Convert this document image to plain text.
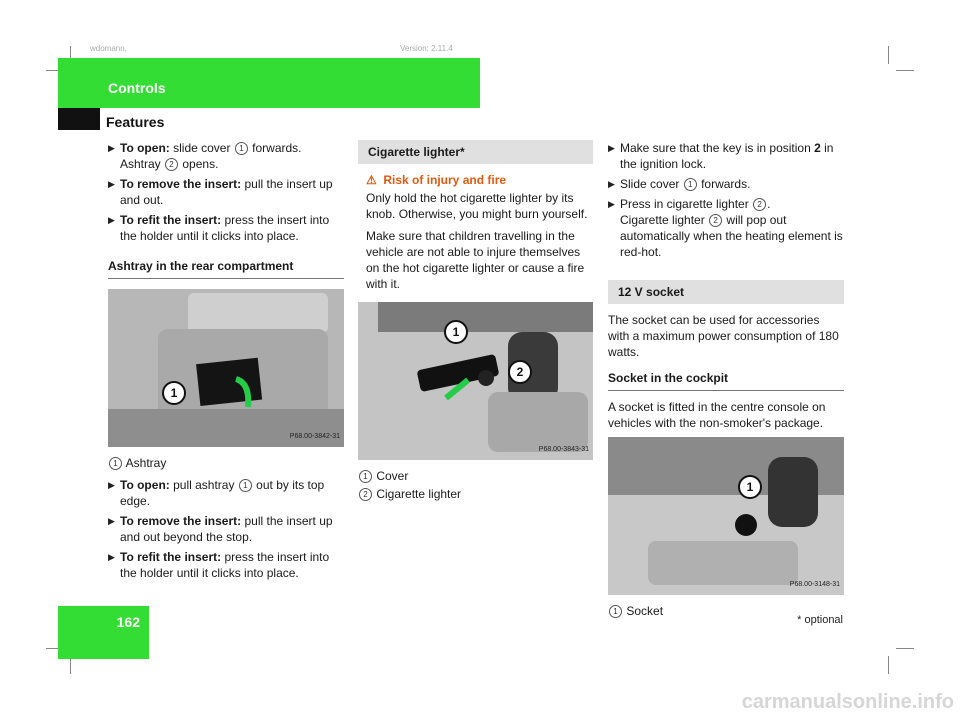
wdomann,	Version: 2.11.4
Controls
Features
▶ To open: slide cover 1 forwards.
Ashtray 2 opens.
▶ To remove the insert: pull the insert up and out.
▶ To refit the insert: press the insert into the holder until it clicks into place.
Ashtray in the rear compartment
1
P68.00-3842-31
1 Ashtray
▶ To open: pull ashtray 1 out by its top edge.
▶ To remove the insert: pull the insert up and out beyond the stop.
▶ To refit the insert: press the insert into the holder until it clicks into place.
Cigarette lighter*
⚠ Risk of injury and fire
Only hold the hot cigarette lighter by its knob. Otherwise, you might burn yourself.
Make sure that children travelling in the vehicle are not able to injure themselves on the hot cigarette lighter or cause a fire with it.
1
2
P68.00-3843-31
1 Cover
2 Cigarette lighter
▶ Make sure that the key is in position 2 in the ignition lock.
▶ Slide cover 1 forwards.
▶ Press in cigarette lighter 2 .
Cigarette lighter 2 will pop out automatically when the heating element is red-hot.
12 V socket
The socket can be used for accessories with a maximum power consumption of 180 watts.
Socket in the cockpit
A socket is fitted in the centre console on vehicles with the non-smoker's package.
1
P68.00-3148-31
1 Socket
162	* optional
carmanualsonline.info
